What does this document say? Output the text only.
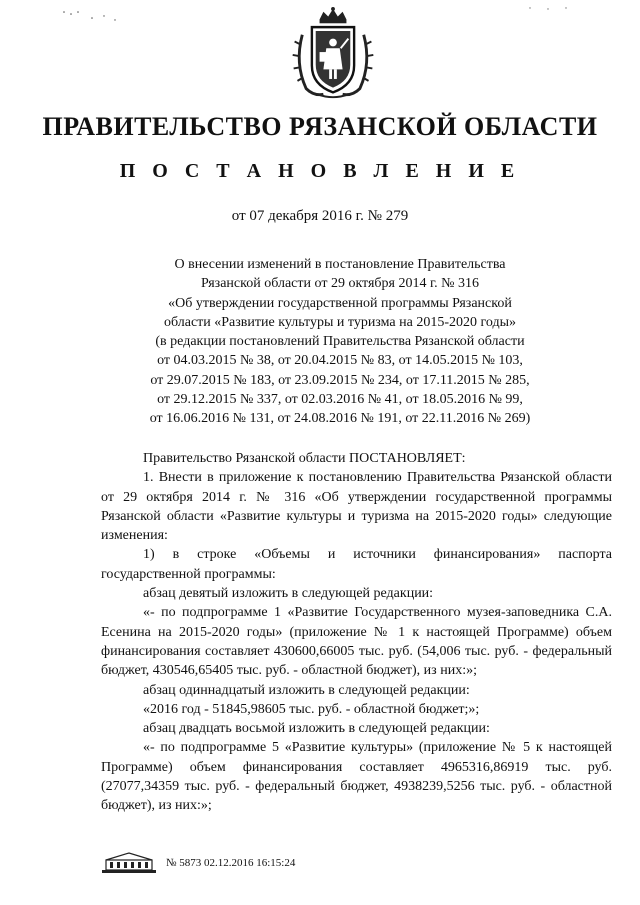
ПРАВИТЕЛЬСТВО РЯЗАНСКОЙ ОБЛАСТИ
П О С Т А Н О В Л Е Н И Е
от 07 декабря 2016 г. № 279
О внесении изменений в постановление Правительства
Рязанской области от 29 октября 2014 г. № 316
«Об утверждении государственной программы Рязанской
области «Развитие культуры и туризма на 2015-2020 годы»
(в редакции постановлений Правительства Рязанской области
от 04.03.2015 № 38, от 20.04.2015 № 83, от 14.05.2015 № 103,
от 29.07.2015 № 183, от 23.09.2015 № 234, от 17.11.2015 № 285,
от 29.12.2015 № 337, от 02.03.2016 № 41, от 18.05.2016 № 99,
от 16.06.2016 № 131, от 24.08.2016 № 191, от 22.11.2016 № 269)

Правительство Рязанской области ПОСТАНОВЛЯЕТ:

1. Внести в приложение к постановлению Правительства Рязанской области от 29 октября 2014 г. № 316 «Об утверждении государственной программы Рязанской области «Развитие культуры и туризма на 2015-2020 годы» следующие изменения:

1) в строке «Объемы и источники финансирования» паспорта государственной программы:

абзац девятый изложить в следующей редакции:

«- по подпрограмме 1 «Развитие Государственного музея-заповедника С.А. Есенина на 2015-2020 годы» (приложение № 1 к настоящей Программе) объем финансирования составляет 430600,66005 тыс. руб. (54,006 тыс. руб. - федеральный бюджет, 430546,65405 тыс. руб. - областной бюджет), из них:»;

абзац одиннадцатый изложить в следующей редакции:

«2016 год - 51845,98605 тыс. руб. - областной бюджет;»;

абзац двадцать восьмой изложить в следующей редакции:

«- по подпрограмме 5 «Развитие культуры» (приложение № 5 к настоящей Программе) объем финансирования составляет 4965316,86919 тыс. руб. (27077,34359 тыс. руб. - федеральный бюджет, 4938239,5256 тыс. руб. - областной бюджет), из них:»;

№ 5873 02.12.2016 16:15:24
